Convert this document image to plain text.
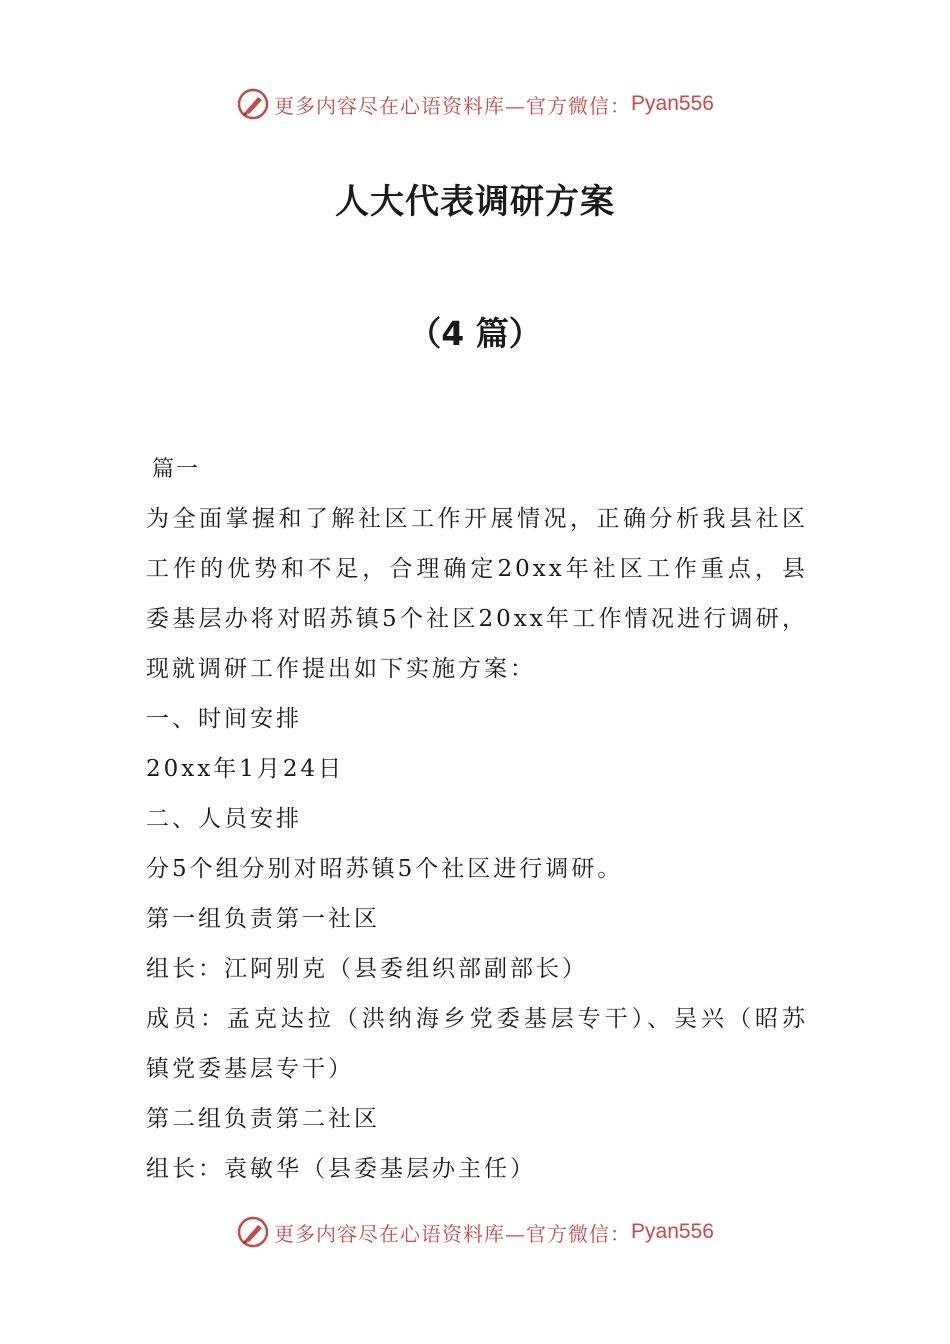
更多内容尽在心语资料库—官方微信： Pyan556
人大代表调研方案
（4 篇）
篇一

为全面掌握和了解社区工作开展情况，正确分析我县社区工作的优势和不足，合理确定20xx年社区工作重点，县委基层办将对昭苏镇5个社区20xx年工作情况进行调研，现就调研工作提出如下实施方案：

一、时间安排

20xx年1月24日

二、人员安排

分5个组分别对昭苏镇5个社区进行调研。

第一组负责第一社区

组长：江阿别克（县委组织部副部长）

成员：孟克达拉（洪纳海乡党委基层专干）、吴兴（昭苏镇党委基层专干）

第二组负责第二社区

组长：袁敏华（县委基层办主任）

更多内容尽在心语资料库—官方微信： Pyan556
